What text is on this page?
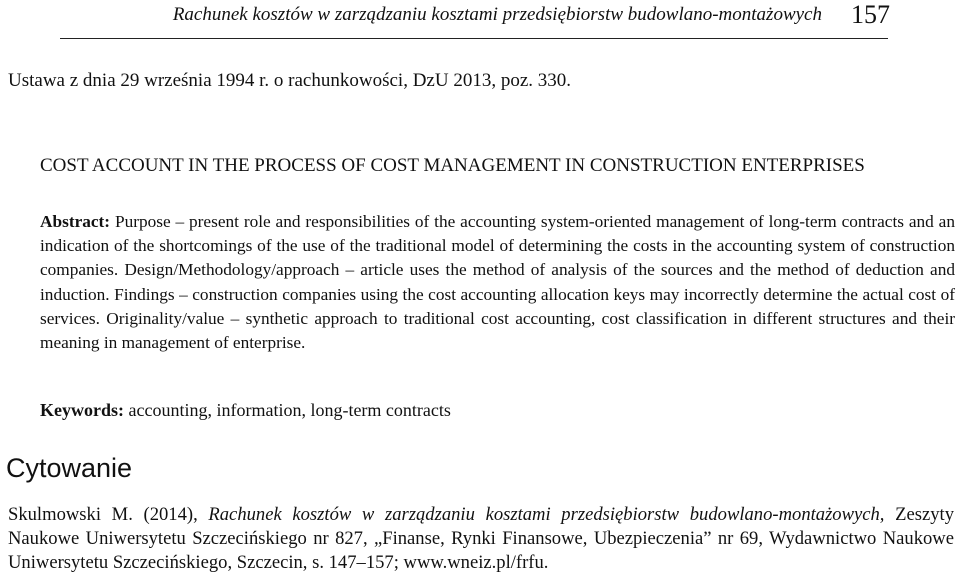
Rachunek kosztów w zarządzaniu kosztami przedsiębiorstw budowlano-montażowych 157
Ustawa z dnia 29 września 1994 r. o rachunkowości, DzU 2013, poz. 330.
COST ACCOUNT IN THE PROCESS OF COST MANAGEMENT IN CONSTRUCTION ENTERPRISES
Abstract: Purpose – present role and responsibilities of the accounting system-oriented management of long-term contracts and an indication of the shortcomings of the use of the traditional model of determining the costs in the accounting system of construction companies. Design/Methodology/approach – article uses the method of analysis of the sources and the method of deduction and induction. Findings – construction companies using the cost accounting allocation keys may incorrectly determine the actual cost of services. Originality/value – synthetic approach to traditional cost accounting, cost classification in different structures and their meaning in management of enterprise.
Keywords: accounting, information, long-term contracts
Cytowanie
Skulmowski M. (2014), Rachunek kosztów w zarządzaniu kosztami przedsiębiorstw budowlano-montażowych, Zeszyty Naukowe Uniwersytetu Szczecińskiego nr 827, „Finanse, Rynki Finansowe, Ubezpieczenia” nr 69, Wydawnictwo Naukowe Uniwersytetu Szczecińskiego, Szczecin, s. 147–157; www.wneiz.pl/frfu.
